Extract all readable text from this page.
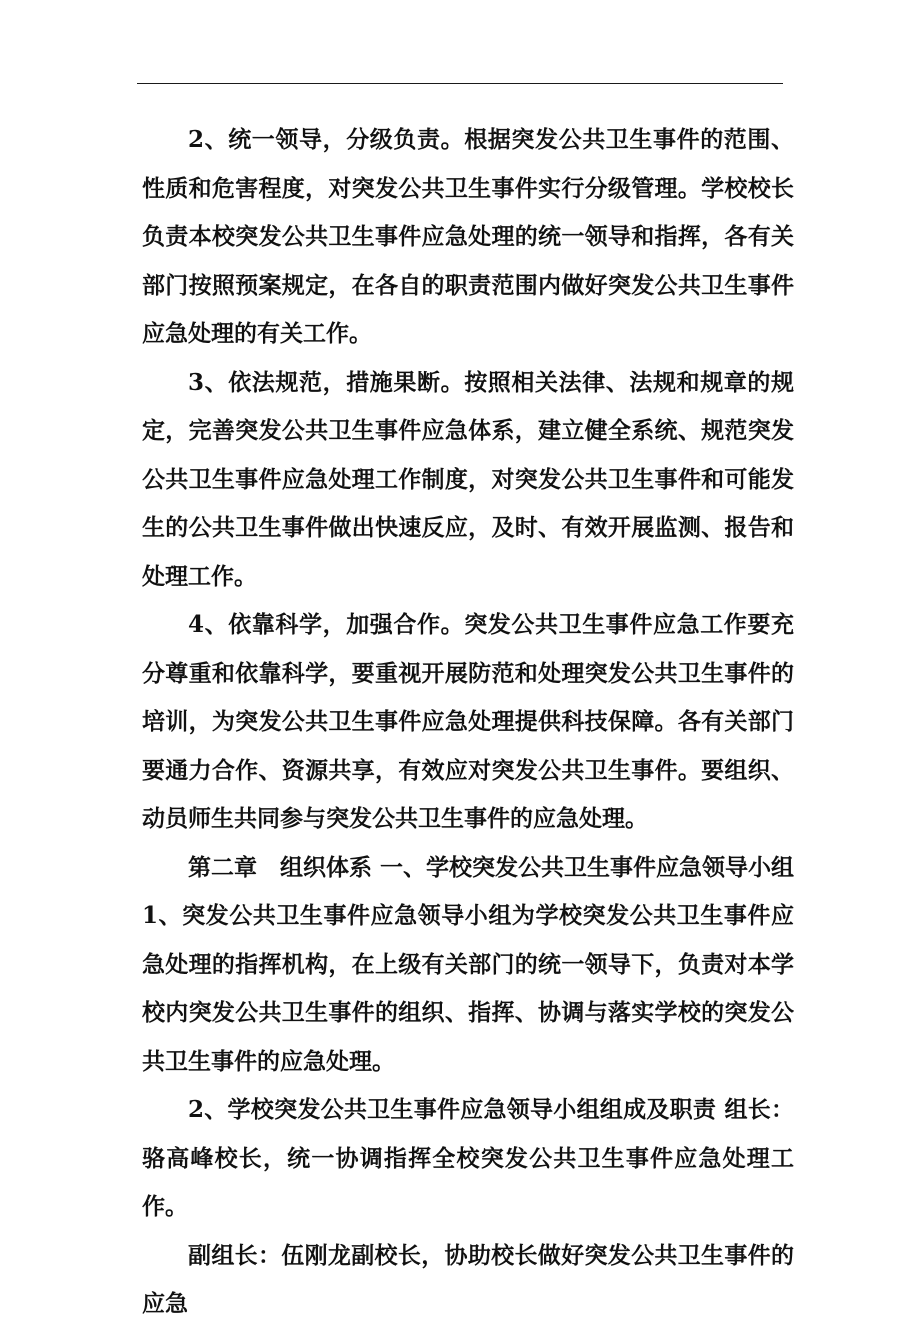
2、统一领导，分级负责。根据突发公共卫生事件的范围、性质和危害程度，对突发公共卫生事件实行分级管理。学校校长负责本校突发公共卫生事件应急处理的统一领导和指挥，各有关部门按照预案规定，在各自的职责范围内做好突发公共卫生事件应急处理的有关工作。

3、依法规范，措施果断。按照相关法律、法规和规章的规定，完善突发公共卫生事件应急体系，建立健全系统、规范突发公共卫生事件应急处理工作制度，对突发公共卫生事件和可能发生的公共卫生事件做出快速反应，及时、有效开展监测、报告和处理工作。

4、依靠科学，加强合作。突发公共卫生事件应急工作要充分尊重和依靠科学，要重视开展防范和处理突发公共卫生事件的培训，为突发公共卫生事件应急处理提供科技保障。各有关部门要通力合作、资源共享，有效应对突发公共卫生事件。要组织、动员师生共同参与突发公共卫生事件的应急处理。

第二章　组织体系 一、学校突发公共卫生事件应急领导小组 1、突发公共卫生事件应急领导小组为学校突发公共卫生事件应急处理的指挥机构，在上级有关部门的统一领导下，负责对本学校内突发公共卫生事件的组织、指挥、协调与落实学校的突发公共卫生事件的应急处理。

2、学校突发公共卫生事件应急领导小组组成及职责 组长：骆高峰校长，统一协调指挥全校突发公共卫生事件应急处理工作。

副组长：伍刚龙副校长，协助校长做好突发公共卫生事件的应急
